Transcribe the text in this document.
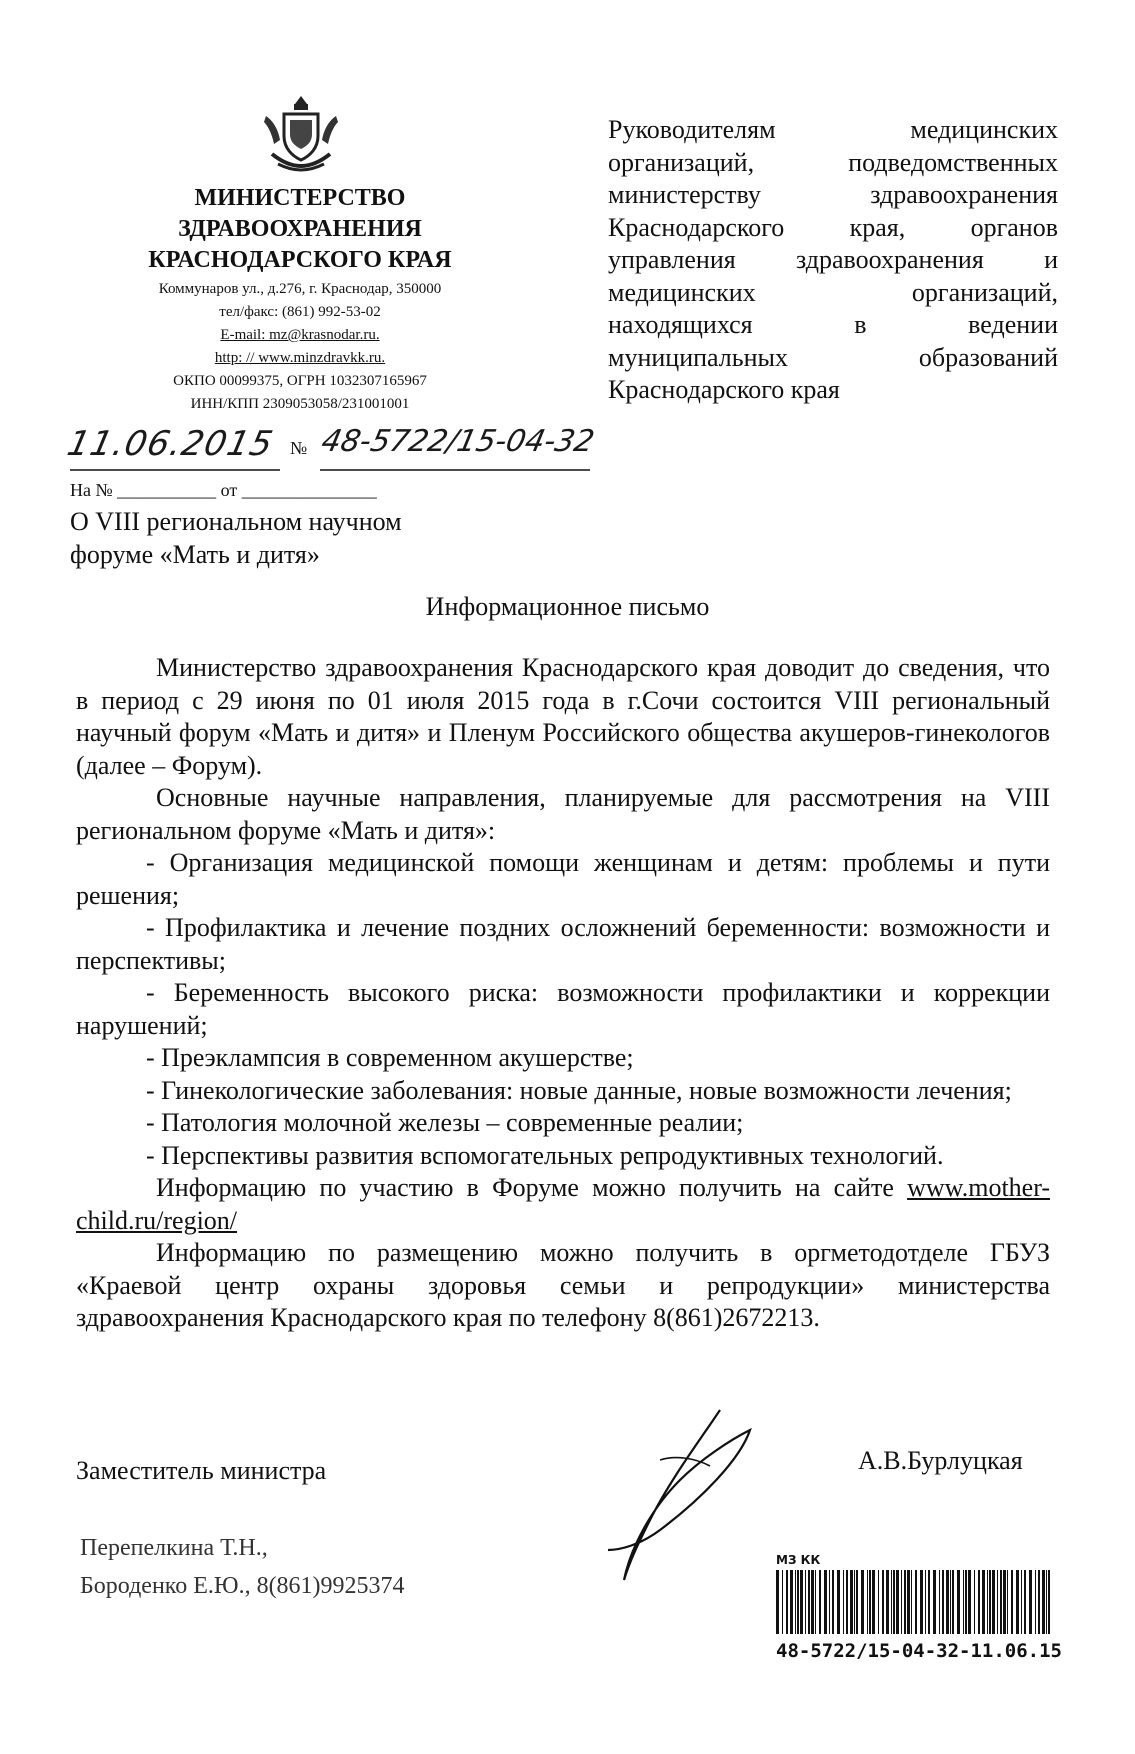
МИНИСТЕРСТВО
ЗДРАВООХРАНЕНИЯ
КРАСНОДАРСКОГО КРАЯ
Коммунаров ул., д.276, г. Краснодар, 350000
тел/факс: (861) 992-53-02
E-mail: mz@krasnodar.ru.
http: // www.minzdravkk.ru.
ОКПО 00099375, ОГРН 1032307165967
ИНН/КПП 2309053058/231001001
11.06.2015 № 48-5722/15-04-32
На № ___________ от _______________
О VIII региональном научном
форуме «Мать и дитя»
Руководителям медицинских
организаций, подведомственных
министерству здравоохранения
Краснодарского края, органов
управления здравоохранения и
медицинских организаций,
находящихся в ведении
муниципальных образований
Краснодарского края
Информационное письмо

Министерство здравоохранения Краснодарского края доводит до сведения, что в период с 29 июня по 01 июля 2015 года в г.Сочи состоится VIII региональный научный форум «Мать и дитя» и Пленум Российского общества акушеров-гинекологов (далее – Форум).

Основные научные направления, планируемые для рассмотрения на VIII региональном форуме «Мать и дитя»:

- Организация медицинской помощи женщинам и детям: проблемы и пути решения;

- Профилактика и лечение поздних осложнений беременности: возможности и перспективы;

- Беременность высокого риска: возможности профилактики и коррекции нарушений;

- Преэклампсия в современном акушерстве;

- Гинекологические заболевания: новые данные, новые возможности лечения;

- Патология молочной железы – современные реалии;

- Перспективы развития вспомогательных репродуктивных технологий.

Информацию по участию в Форуме можно получить на сайте www.mother-child.ru/region/

Информацию по размещению можно получить в оргметодотделе ГБУЗ «Краевой центр охраны здоровья семьи и репродукции» министерства здравоохранения Краснодарского края по телефону 8(861)2672213.

Заместитель министра	А.В.Бурлуцкая
Перепелкина Т.Н.,
Бороденко Е.Ю., 8(861)9925374
МЗ КК
48-5722/15-04-32-11.06.15
